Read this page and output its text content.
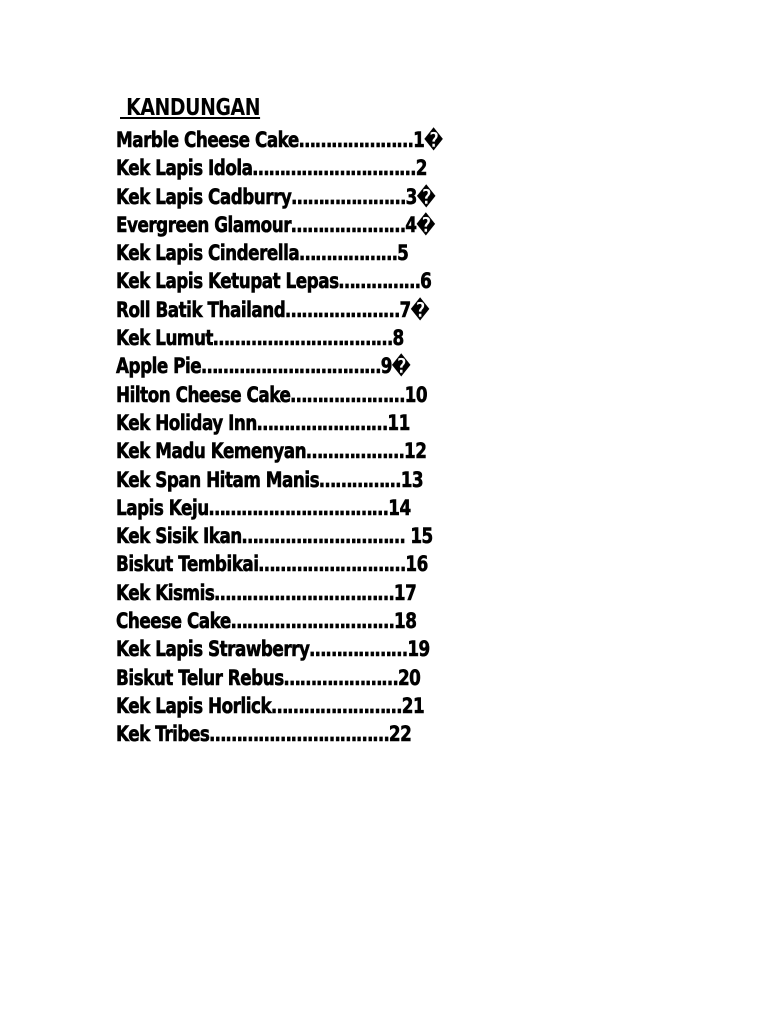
KANDUNGAN
Marble Cheese Cake…………………1�
Kek Lapis Idola…………………………2
Kek Lapis Cadburry…………………3�
Evergreen Glamour…………………4�
Kek Lapis Cinderella………………5
Kek Lapis Ketupat Lepas……………6
Roll Batik Thailand…………………7�
Kek Lumut……………………………8
Apple Pie……………………………9�
Hilton Cheese Cake…………………10
Kek Holiday Inn……………………11
Kek Madu Kemenyan………………12
Kek Span Hitam Manis……………13
Lapis Keju……………………………14
Kek Sisik Ikan………………………… 15
Biskut Tembikai………………………16
Kek Kismis……………………………17
Cheese Cake…………………………18
Kek Lapis Strawberry………………19
Biskut Telur Rebus…………………20
Kek Lapis Horlick……………………21
Kek Tribes……………………………22
